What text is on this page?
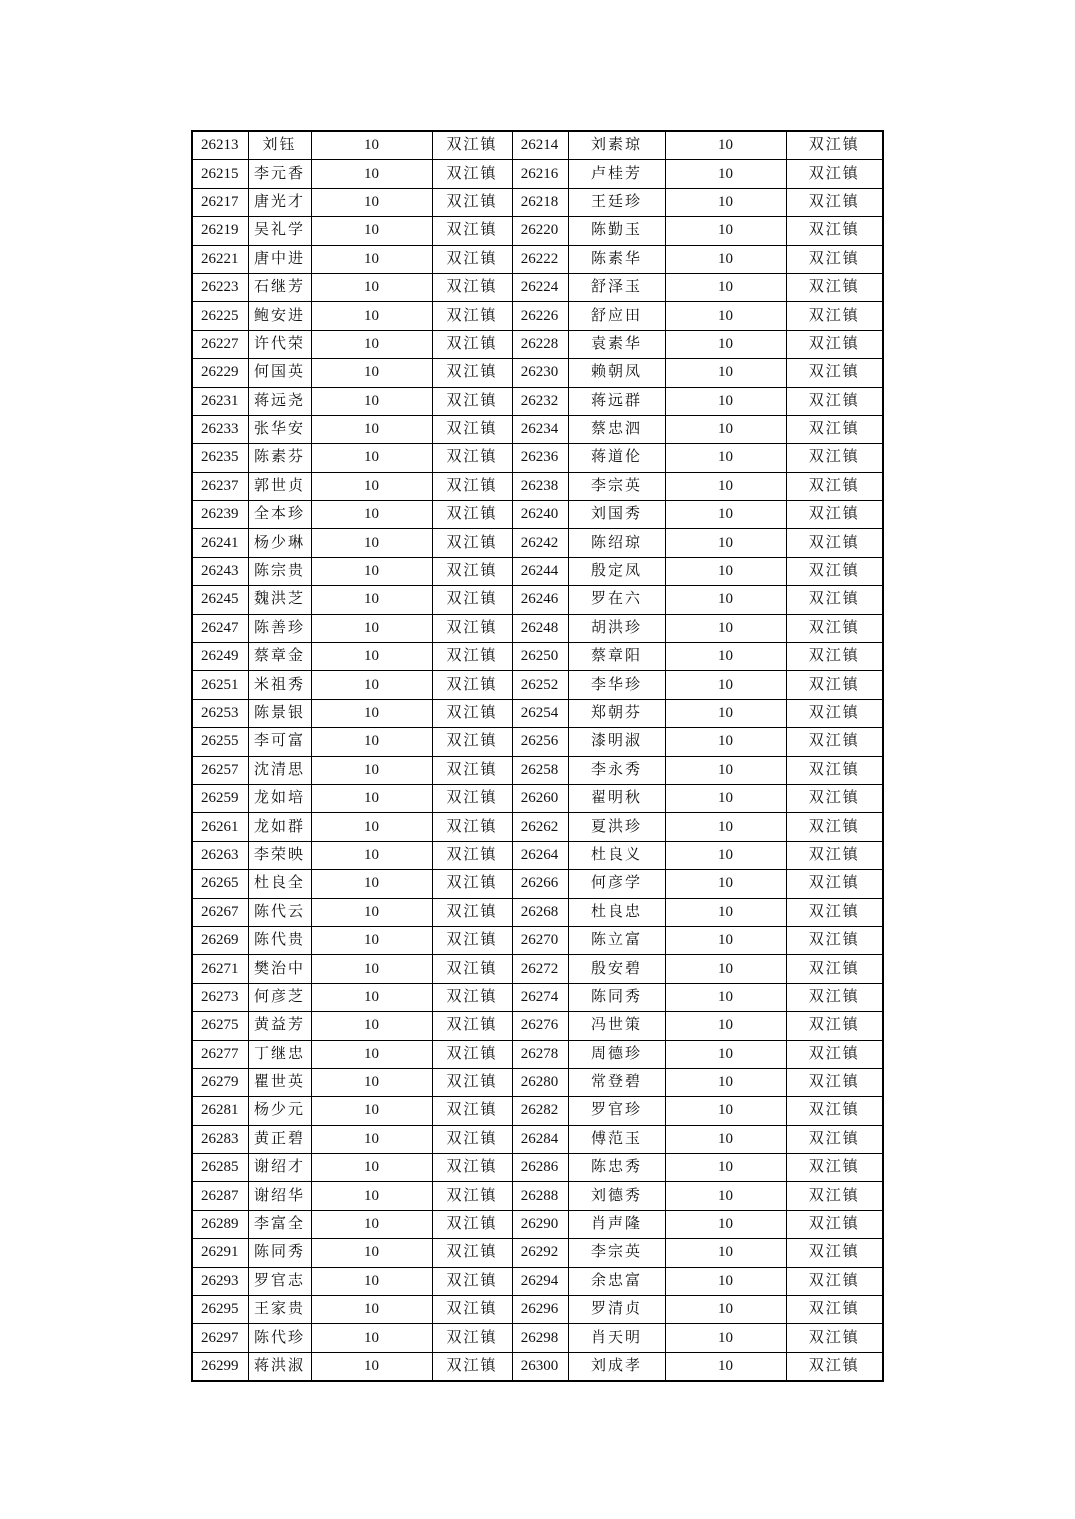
26213	刘钰	10	双江镇	26214	刘素琼	10	双江镇
26215	李元香	10	双江镇	26216	卢桂芳	10	双江镇
26217	唐光才	10	双江镇	26218	王廷珍	10	双江镇
26219	吴礼学	10	双江镇	26220	陈勤玉	10	双江镇
26221	唐中进	10	双江镇	26222	陈素华	10	双江镇
26223	石继芳	10	双江镇	26224	舒泽玉	10	双江镇
26225	鲍安进	10	双江镇	26226	舒应田	10	双江镇
26227	许代荣	10	双江镇	26228	袁素华	10	双江镇
26229	何国英	10	双江镇	26230	赖朝凤	10	双江镇
26231	蒋远尧	10	双江镇	26232	蒋远群	10	双江镇
26233	张华安	10	双江镇	26234	蔡忠泗	10	双江镇
26235	陈素芬	10	双江镇	26236	蒋道伦	10	双江镇
26237	郭世贞	10	双江镇	26238	李宗英	10	双江镇
26239	全本珍	10	双江镇	26240	刘国秀	10	双江镇
26241	杨少琳	10	双江镇	26242	陈绍琼	10	双江镇
26243	陈宗贵	10	双江镇	26244	殷定凤	10	双江镇
26245	魏洪芝	10	双江镇	26246	罗在六	10	双江镇
26247	陈善珍	10	双江镇	26248	胡洪珍	10	双江镇
26249	蔡章金	10	双江镇	26250	蔡章阳	10	双江镇
26251	米祖秀	10	双江镇	26252	李华珍	10	双江镇
26253	陈景银	10	双江镇	26254	郑朝芬	10	双江镇
26255	李可富	10	双江镇	26256	漆明淑	10	双江镇
26257	沈清思	10	双江镇	26258	李永秀	10	双江镇
26259	龙如培	10	双江镇	26260	翟明秋	10	双江镇
26261	龙如群	10	双江镇	26262	夏洪珍	10	双江镇
26263	李荣映	10	双江镇	26264	杜良义	10	双江镇
26265	杜良全	10	双江镇	26266	何彦学	10	双江镇
26267	陈代云	10	双江镇	26268	杜良忠	10	双江镇
26269	陈代贵	10	双江镇	26270	陈立富	10	双江镇
26271	樊治中	10	双江镇	26272	殷安碧	10	双江镇
26273	何彦芝	10	双江镇	26274	陈同秀	10	双江镇
26275	黄益芳	10	双江镇	26276	冯世策	10	双江镇
26277	丁继忠	10	双江镇	26278	周德珍	10	双江镇
26279	瞿世英	10	双江镇	26280	常登碧	10	双江镇
26281	杨少元	10	双江镇	26282	罗官珍	10	双江镇
26283	黄正碧	10	双江镇	26284	傅范玉	10	双江镇
26285	谢绍才	10	双江镇	26286	陈忠秀	10	双江镇
26287	谢绍华	10	双江镇	26288	刘德秀	10	双江镇
26289	李富全	10	双江镇	26290	肖声隆	10	双江镇
26291	陈同秀	10	双江镇	26292	李宗英	10	双江镇
26293	罗官志	10	双江镇	26294	余忠富	10	双江镇
26295	王家贵	10	双江镇	26296	罗清贞	10	双江镇
26297	陈代珍	10	双江镇	26298	肖天明	10	双江镇
26299	蒋洪淑	10	双江镇	26300	刘成孝	10	双江镇
